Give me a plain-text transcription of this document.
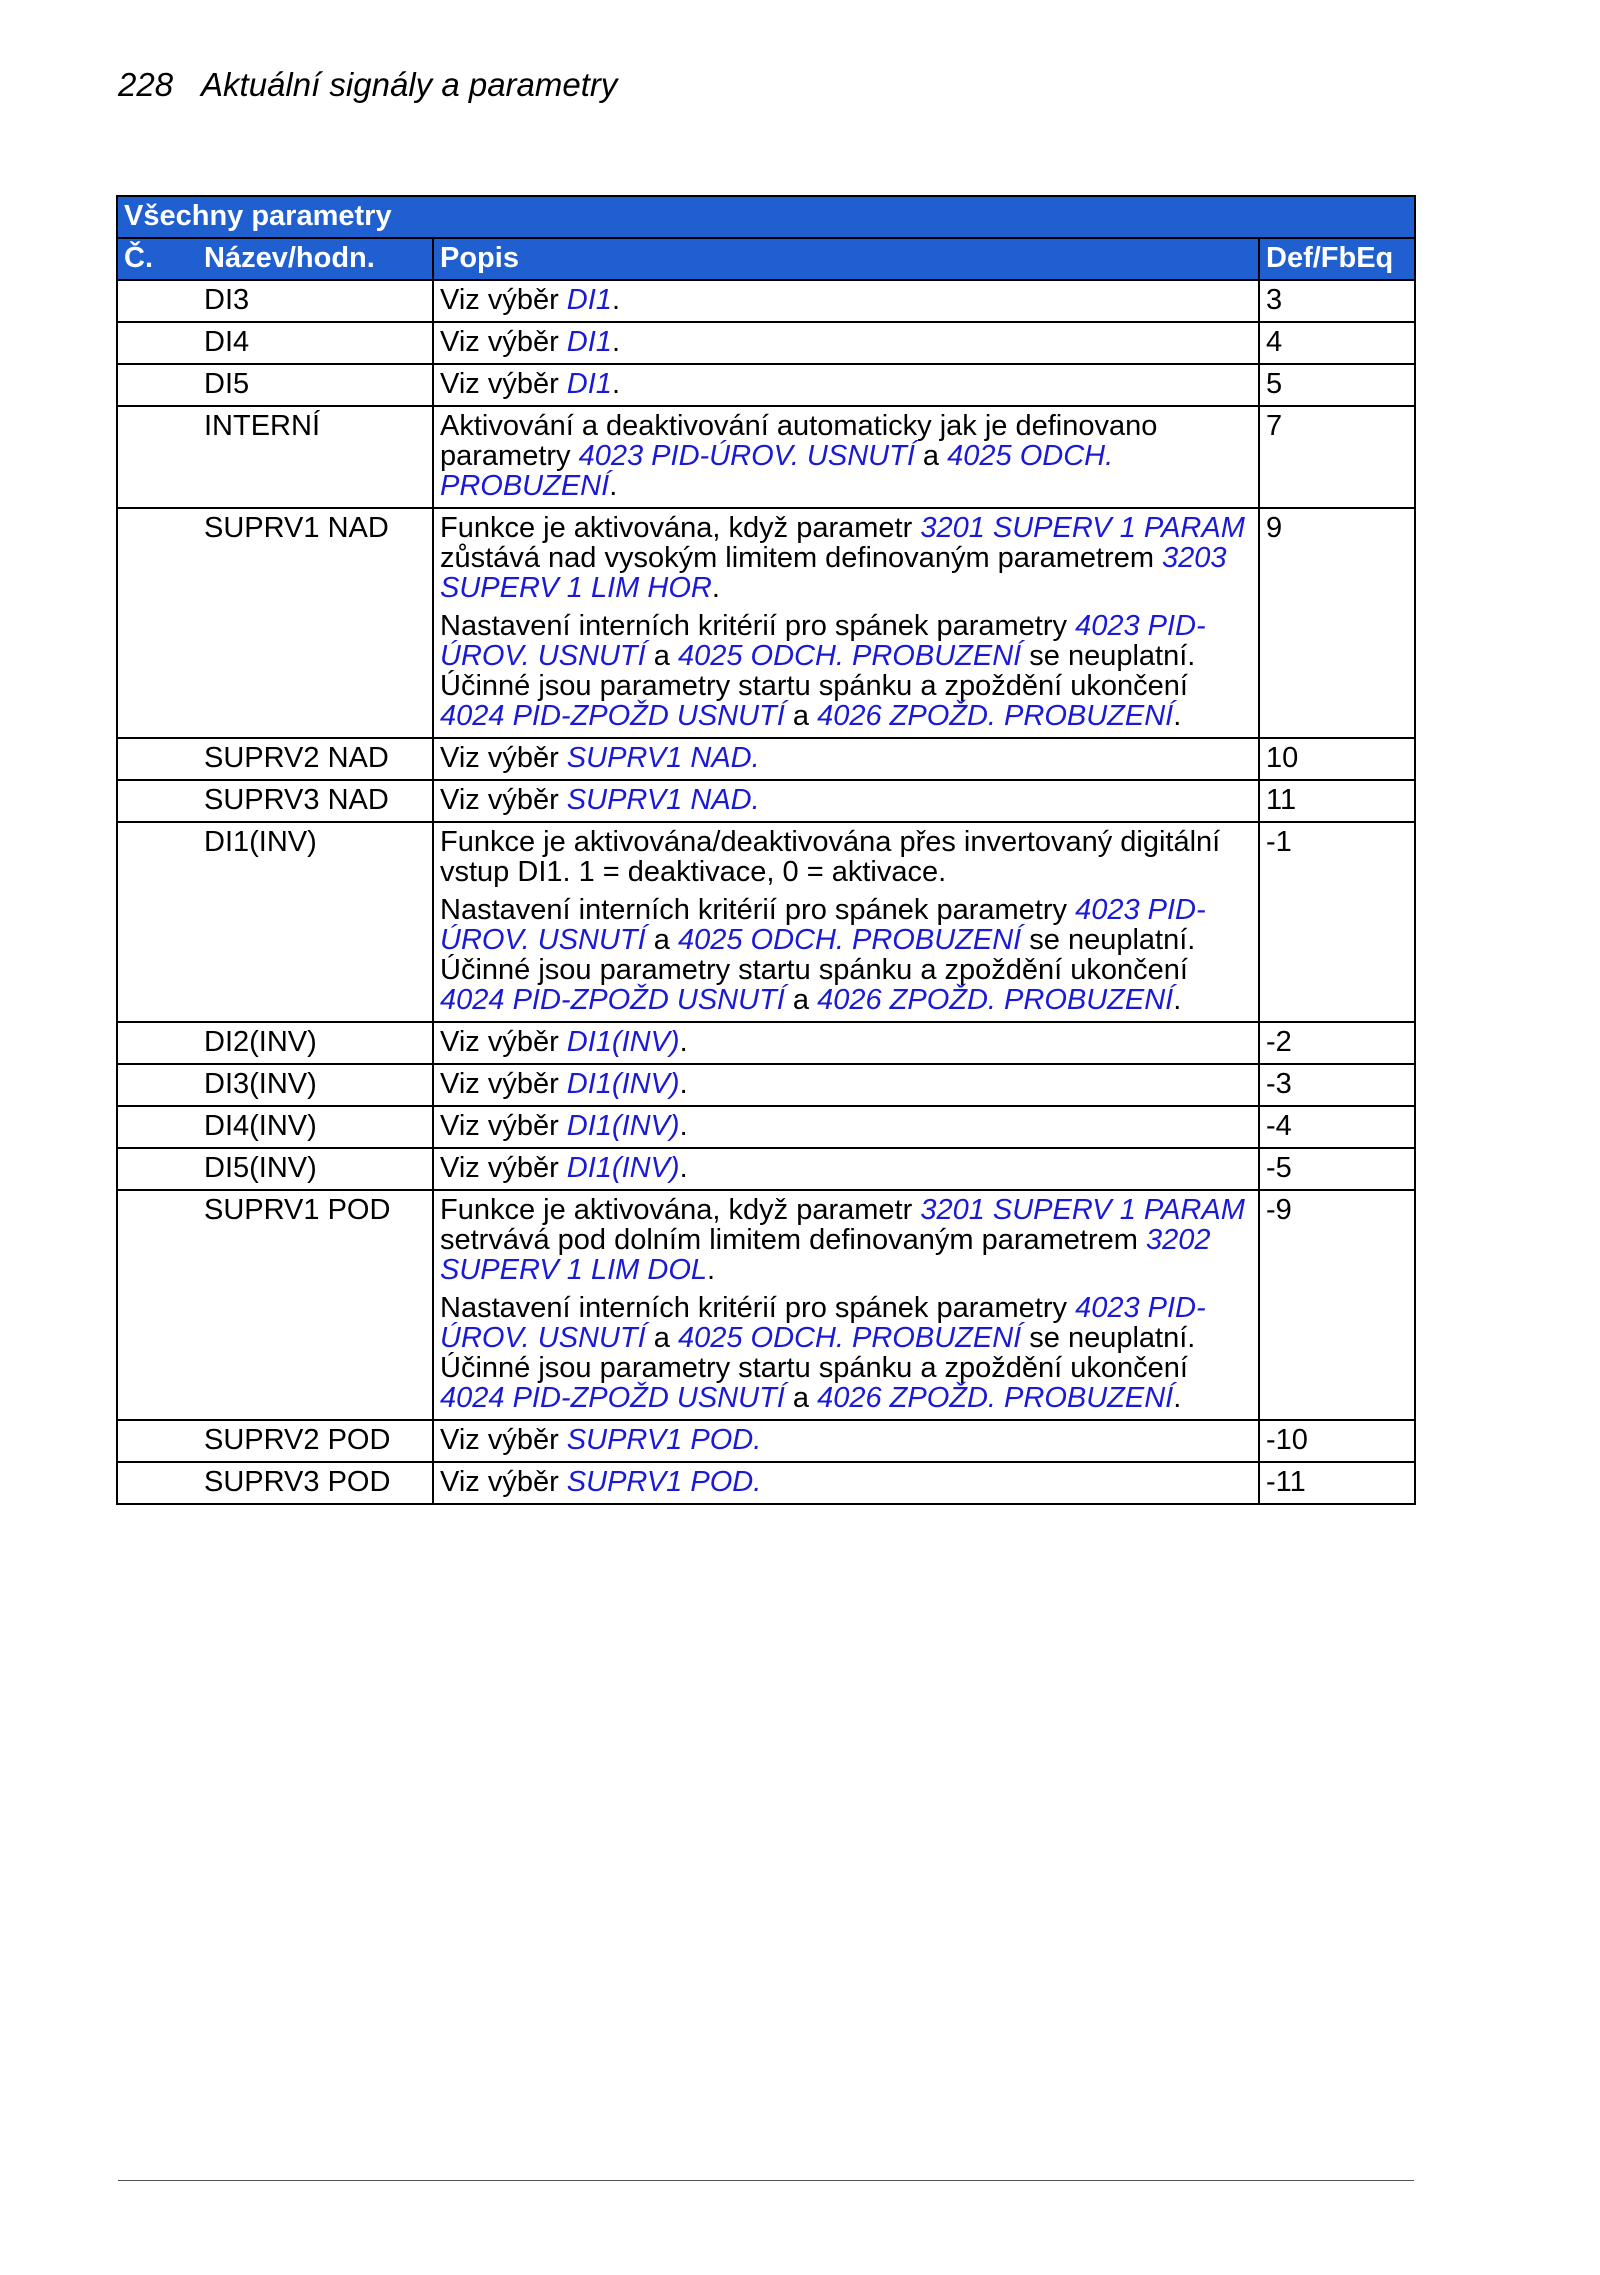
228 Aktuální signály a parametry
Všechny parametry			
Č.	Název/hodn.	Popis	Def/FbEq
	DI3	Viz výběr DI1.	3
	DI4	Viz výběr DI1.	4
	DI5	Viz výběr DI1.	5
	INTERNÍ	Aktivování a deaktivování automaticky jak je definovano parametry 4023 PID-ÚROV. USNUTÍ a 4025 ODCH. PROBUZENÍ.	7
	SUPRV1 NAD	Funkce je aktivována, když parametr 3201 SUPERV 1 PARAM zůstává nad vysokým limitem definovaným parametrem 3203 SUPERV 1 LIM HOR.
Nastavení interních kritérií pro spánek parametry 4023 PID-ÚROV. USNUTÍ a 4025 ODCH. PROBUZENÍ se neuplatní. Účinné jsou parametry startu spánku a zpoždění ukončení 4024 PID-ZPOŽD USNUTÍ a 4026 ZPOŽD. PROBUZENÍ.	9
	SUPRV2 NAD	Viz výběr SUPRV1 NAD.	10
	SUPRV3 NAD	Viz výběr SUPRV1 NAD.	11
	DI1(INV)	Funkce je aktivována/deaktivována přes invertovaný digitální vstup DI1. 1 = deaktivace, 0 = aktivace.
Nastavení interních kritérií pro spánek parametry 4023 PID-ÚROV. USNUTÍ a 4025 ODCH. PROBUZENÍ se neuplatní. Účinné jsou parametry startu spánku a zpoždění ukončení 4024 PID-ZPOŽD USNUTÍ a 4026 ZPOŽD. PROBUZENÍ.	-1
	DI2(INV)	Viz výběr DI1(INV).	-2
	DI3(INV)	Viz výběr DI1(INV).	-3
	DI4(INV)	Viz výběr DI1(INV).	-4
	DI5(INV)	Viz výběr DI1(INV).	-5
	SUPRV1 POD	Funkce je aktivována, když parametr 3201 SUPERV 1 PARAM setrvává pod dolním limitem definovaným parametrem 3202 SUPERV 1 LIM DOL.
Nastavení interních kritérií pro spánek parametry 4023 PID-ÚROV. USNUTÍ a 4025 ODCH. PROBUZENÍ se neuplatní. Účinné jsou parametry startu spánku a zpoždění ukončení 4024 PID-ZPOŽD USNUTÍ a 4026 ZPOŽD. PROBUZENÍ.	-9
	SUPRV2 POD	Viz výběr SUPRV1 POD.	-10
	SUPRV3 POD	Viz výběr SUPRV1 POD.	-11
